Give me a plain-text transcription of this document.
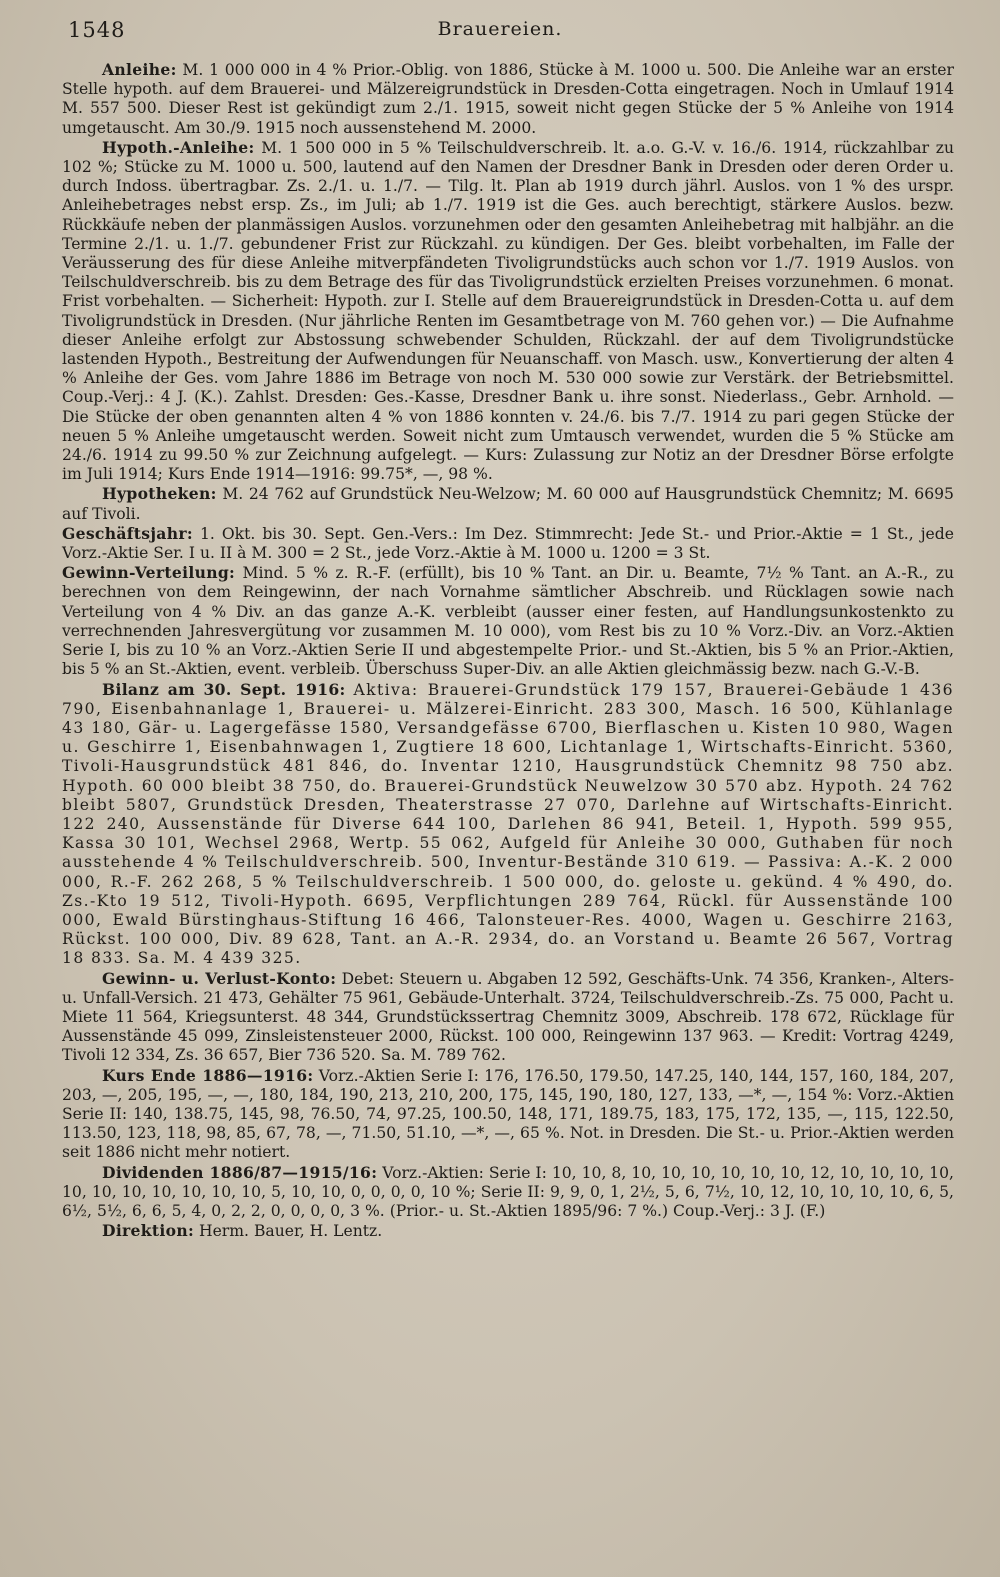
1548	Brauereien.

Anleihe: M. 1 000 000 in 4 % Prior.-Oblig. von 1886, Stücke à M. 1000 u. 500. Die Anleihe war an erster Stelle hypoth. auf dem Brauerei- und Mälzereigrundstück in Dresden-Cotta eingetragen. Noch in Umlauf 1914 M. 557 500. Dieser Rest ist gekündigt zum 2./1. 1915, soweit nicht gegen Stücke der 5 % Anleihe von 1914 umgetauscht. Am 30./9. 1915 noch aussenstehend M. 2000.

Hypoth.-Anleihe: M. 1 500 000 in 5 % Teilschuldverschreib. lt. a.o. G.-V. v. 16./6. 1914, rückzahlbar zu 102 %; Stücke zu M. 1000 u. 500, lautend auf den Namen der Dresdner Bank in Dresden oder deren Order u. durch Indoss. übertragbar. Zs. 2./1. u. 1./7. — Tilg. lt. Plan ab 1919 durch jährl. Auslos. von 1 % des urspr. Anleihebetrages nebst ersp. Zs., im Juli; ab 1./7. 1919 ist die Ges. auch berechtigt, stärkere Auslos. bezw. Rückkäufe neben der planmässigen Auslos. vorzunehmen oder den gesamten Anleihebetrag mit halbjähr. an die Termine 2./1. u. 1./7. gebundener Frist zur Rückzahl. zu kündigen. Der Ges. bleibt vorbehalten, im Falle der Veräusserung des für diese Anleihe mitverpfändeten Tivoligrundstücks auch schon vor 1./7. 1919 Auslos. von Teilschuldverschreib. bis zu dem Betrage des für das Tivoligrundstück erzielten Preises vorzunehmen. 6 monat. Frist vorbehalten. — Sicherheit: Hypoth. zur I. Stelle auf dem Brauereigrundstück in Dresden-Cotta u. auf dem Tivoligrundstück in Dresden. (Nur jährliche Renten im Gesamtbetrage von M. 760 gehen vor.) — Die Aufnahme dieser Anleihe erfolgt zur Abstossung schwebender Schulden, Rückzahl. der auf dem Tivoligrundstücke lastenden Hypoth., Bestreitung der Aufwendungen für Neuanschaff. von Masch. usw., Konvertierung der alten 4 % Anleihe der Ges. vom Jahre 1886 im Betrage von noch M. 530 000 sowie zur Verstärk. der Betriebsmittel. Coup.-Verj.: 4 J. (K.). Zahlst. Dresden: Ges.-Kasse, Dresdner Bank u. ihre sonst. Niederlass., Gebr. Arnhold. — Die Stücke der oben genannten alten 4 % von 1886 konnten v. 24./6. bis 7./7. 1914 zu pari gegen Stücke der neuen 5 % Anleihe umgetauscht werden. Soweit nicht zum Umtausch verwendet, wurden die 5 % Stücke am 24./6. 1914 zu 99.50 % zur Zeichnung aufgelegt. — Kurs: Zulassung zur Notiz an der Dresdner Börse erfolgte im Juli 1914; Kurs Ende 1914—1916: 99.75*, —, 98 %.

Hypotheken: M. 24 762 auf Grundstück Neu-Welzow; M. 60 000 auf Hausgrundstück Chemnitz; M. 6695 auf Tivoli.

Geschäftsjahr: 1. Okt. bis 30. Sept. Gen.-Vers.: Im Dez. Stimmrecht: Jede St.- und Prior.-Aktie = 1 St., jede Vorz.-Aktie Ser. I u. II à M. 300 = 2 St., jede Vorz.-Aktie à M. 1000 u. 1200 = 3 St.

Gewinn-Verteilung: Mind. 5 % z. R.-F. (erfüllt), bis 10 % Tant. an Dir. u. Beamte, 7½ % Tant. an A.-R., zu berechnen von dem Reingewinn, der nach Vornahme sämtlicher Abschreib. und Rücklagen sowie nach Verteilung von 4 % Div. an das ganze A.-K. verbleibt (ausser einer festen, auf Handlungsunkostenkto zu verrechnenden Jahresvergütung vor zusammen M. 10 000), vom Rest bis zu 10 % Vorz.-Div. an Vorz.-Aktien Serie I, bis zu 10 % an Vorz.-Aktien Serie II und abgestempelte Prior.- und St.-Aktien, bis 5 % an Prior.-Aktien, bis 5 % an St.-Aktien, event. verbleib. Überschuss Super-Div. an alle Aktien gleichmässig bezw. nach G.-V.-B.

Bilanz am 30. Sept. 1916: Aktiva: Brauerei-Grundstück 179 157, Brauerei-Gebäude 1 436 790, Eisenbahnanlage 1, Brauerei- u. Mälzerei-Einricht. 283 300, Masch. 16 500, Kühlanlage 43 180, Gär- u. Lagergefässe 1580, Versandgefässe 6700, Bierflaschen u. Kisten 10 980, Wagen u. Geschirre 1, Eisenbahnwagen 1, Zugtiere 18 600, Lichtanlage 1, Wirtschafts-Einricht. 5360, Tivoli-Hausgrundstück 481 846, do. Inventar 1210, Hausgrundstück Chemnitz 98 750 abz. Hypoth. 60 000 bleibt 38 750, do. Brauerei-Grundstück Neuwelzow 30 570 abz. Hypoth. 24 762 bleibt 5807, Grundstück Dresden, Theaterstrasse 27 070, Darlehne auf Wirtschafts-Einricht. 122 240, Aussenstände für Diverse 644 100, Darlehen 86 941, Beteil. 1, Hypoth. 599 955, Kassa 30 101, Wechsel 2968, Wertp. 55 062, Aufgeld für Anleihe 30 000, Guthaben für noch ausstehende 4 % Teilschuldverschreib. 500, Inventur-Bestände 310 619. — Passiva: A.-K. 2 000 000, R.-F. 262 268, 5 % Teilschuldverschreib. 1 500 000, do. geloste u. gekünd. 4 % 490, do. Zs.-Kto 19 512, Tivoli-Hypoth. 6695, Verpflichtungen 289 764, Rückl. für Aussenstände 100 000, Ewald Bürstinghaus-Stiftung 16 466, Talonsteuer-Res. 4000, Wagen u. Geschirre 2163, Rückst. 100 000, Div. 89 628, Tant. an A.-R. 2934, do. an Vorstand u. Beamte 26 567, Vortrag 18 833. Sa. M. 4 439 325.

Gewinn- u. Verlust-Konto: Debet: Steuern u. Abgaben 12 592, Geschäfts-Unk. 74 356, Kranken-, Alters- u. Unfall-Versich. 21 473, Gehälter 75 961, Gebäude-Unterhalt. 3724, Teilschuldverschreib.-Zs. 75 000, Pacht u. Miete 11 564, Kriegsunterst. 48 344, Grundstückssertrag Chemnitz 3009, Abschreib. 178 672, Rücklage für Aussenstände 45 099, Zinsleistensteuer 2000, Rückst. 100 000, Reingewinn 137 963. — Kredit: Vortrag 4249, Tivoli 12 334, Zs. 36 657, Bier 736 520. Sa. M. 789 762.

Kurs Ende 1886—1916: Vorz.-Aktien Serie I: 176, 176.50, 179.50, 147.25, 140, 144, 157, 160, 184, 207, 203, —, 205, 195, —, —, 180, 184, 190, 213, 210, 200, 175, 145, 190, 180, 127, 133, —*, —, 154 %: Vorz.-Aktien Serie II: 140, 138.75, 145, 98, 76.50, 74, 97.25, 100.50, 148, 171, 189.75, 183, 175, 172, 135, —, 115, 122.50, 113.50, 123, 118, 98, 85, 67, 78, —, 71.50, 51.10, —*, —, 65 %. Not. in Dresden. Die St.- u. Prior.-Aktien werden seit 1886 nicht mehr notiert.

Dividenden 1886/87—1915/16: Vorz.-Aktien: Serie I: 10, 10, 8, 10, 10, 10, 10, 10, 10, 12, 10, 10, 10, 10, 10, 10, 10, 10, 10, 10, 10, 5, 10, 10, 0, 0, 0, 0, 10 %; Serie II: 9, 9, 0, 1, 2½, 5, 6, 7½, 10, 12, 10, 10, 10, 10, 6, 5, 6½, 5½, 6, 6, 5, 4, 0, 2, 2, 0, 0, 0, 0, 3 %. (Prior.- u. St.-Aktien 1895/96: 7 %.) Coup.-Verj.: 3 J. (F.)

Direktion: Herm. Bauer, H. Lentz.
